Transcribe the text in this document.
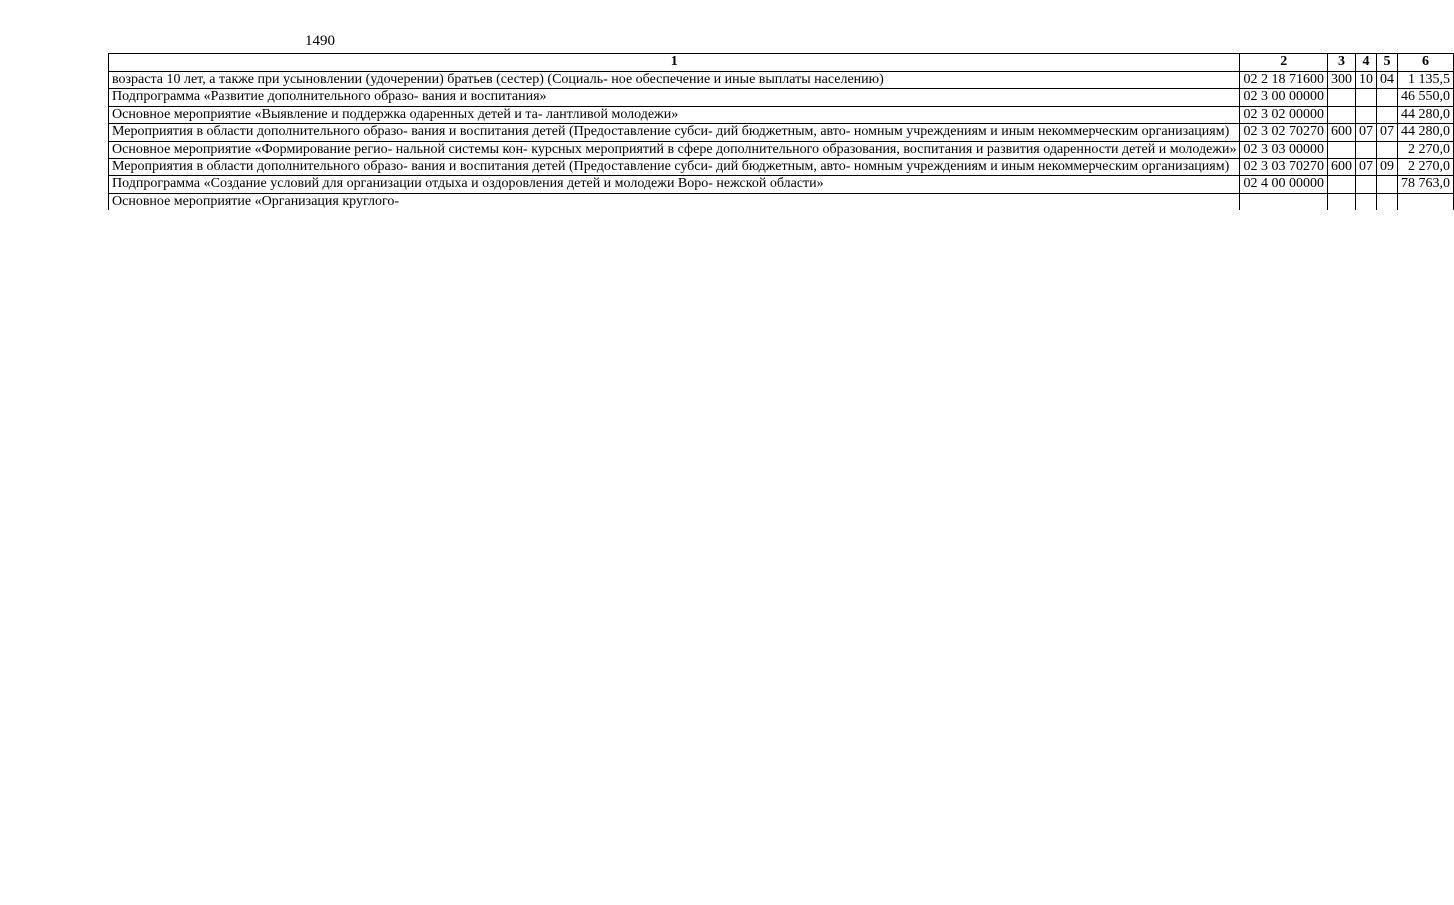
1490
1	2	3	4	5	6
возраста 10 лет, а также при усыновлении (удочерении) братьев (сестер) (Социаль- ное обеспечение и иные выплаты населению)	02 2 18 71600	300	10	04	1 135,5
Подпрограмма «Развитие дополнительного образо- вания и воспитания»	02 3 00 00000				46 550,0
Основное мероприятие «Выявление и поддержка одаренных детей и та- лантливой молодежи»	02 3 02 00000				44 280,0
Мероприятия в области дополнительного образо- вания и воспитания детей (Предоставление субси- дий бюджетным, авто- номным учреждениям и иным некоммерческим организациям)	02 3 02 70270	600	07	07	44 280,0
Основное мероприятие «Формирование регио- нальной системы кон- курсных мероприятий в сфере дополнительного образования, воспитания и развития одаренности детей и молодежи»	02 3 03 00000				2 270,0
Мероприятия в области дополнительного образо- вания и воспитания детей (Предоставление субси- дий бюджетным, авто- номным учреждениям и иным некоммерческим организациям)	02 3 03 70270	600	07	09	2 270,0
Подпрограмма «Создание условий для организации отдыха и оздоровления детей и молодежи Воро- нежской области»	02 4 00 00000				78 763,0
Основное мероприятие «Организация круглого-					
